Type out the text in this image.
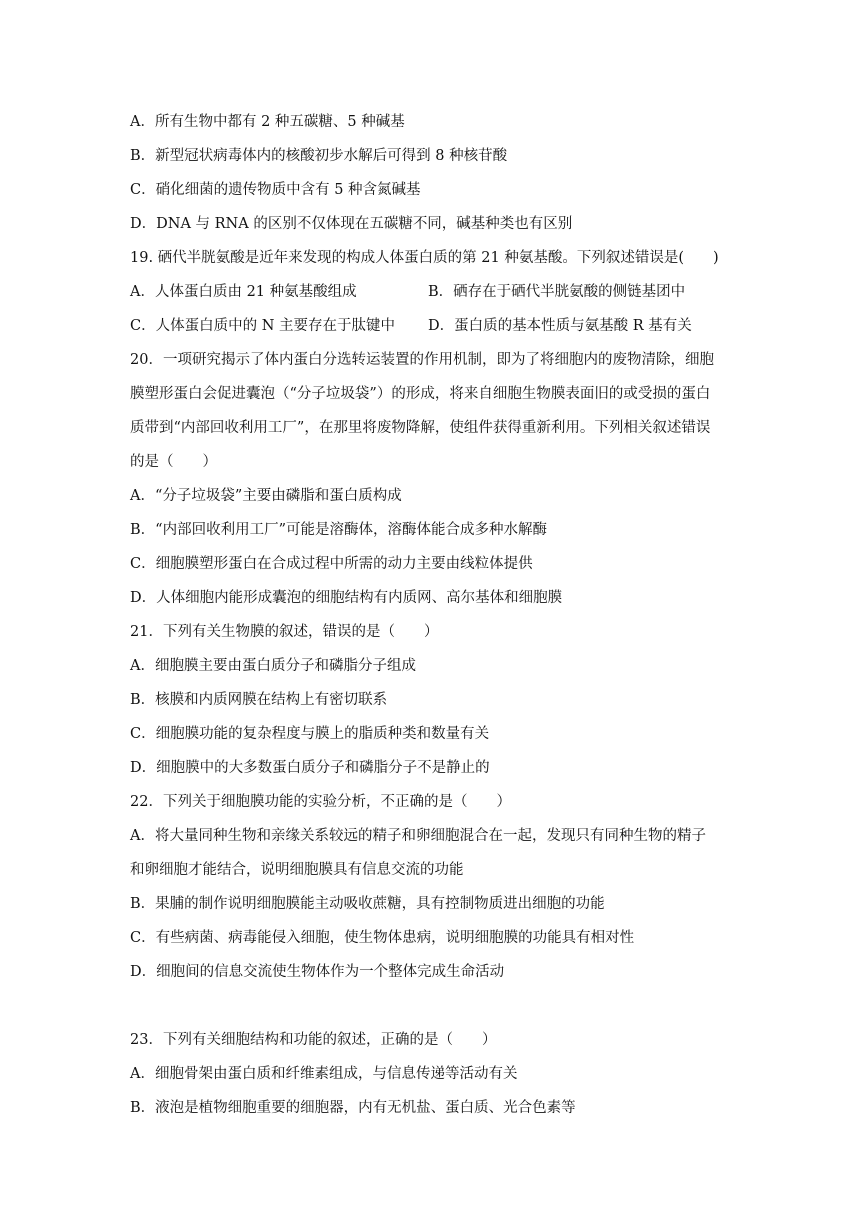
A．所有生物中都有 2 种五碳糖、5 种碱基
B．新型冠状病毒体内的核酸初步水解后可得到 8 种核苷酸
C．硝化细菌的遗传物质中含有 5 种含氮碱基
D．DNA 与 RNA 的区别不仅体现在五碳糖不同，碱基种类也有区别
19. 硒代半胱氨酸是近年来发现的构成人体蛋白质的第 21 种氨基酸。下列叙述错误是(　　)
A．人体蛋白质由 21 种氨基酸组成	B．硒存在于硒代半胱氨酸的侧链基团中
C．人体蛋白质中的 N 主要存在于肽键中 D．蛋白质的基本性质与氨基酸 R 基有关
20．一项研究揭示了体内蛋白分选转运装置的作用机制，即为了将细胞内的废物清除，细胞
膜塑形蛋白会促进囊泡（“分子垃圾袋”）的形成，将来自细胞生物膜表面旧的或受损的蛋白
质带到“内部回收利用工厂”，在那里将废物降解，使组件获得重新利用。下列相关叙述错误
的是（　　）
A．“分子垃圾袋”主要由磷脂和蛋白质构成
B．“内部回收利用工厂”可能是溶酶体，溶酶体能合成多种水解酶
C．细胞膜塑形蛋白在合成过程中所需的动力主要由线粒体提供
D．人体细胞内能形成囊泡的细胞结构有内质网、高尔基体和细胞膜
21．下列有关生物膜的叙述，错误的是（　　）
A．细胞膜主要由蛋白质分子和磷脂分子组成
B．核膜和内质网膜在结构上有密切联系
C．细胞膜功能的复杂程度与膜上的脂质种类和数量有关
D．细胞膜中的大多数蛋白质分子和磷脂分子不是静止的
22．下列关于细胞膜功能的实验分析，不正确的是（　　）
A．将大量同种生物和亲缘关系较远的精子和卵细胞混合在一起，发现只有同种生物的精子
和卵细胞才能结合，说明细胞膜具有信息交流的功能
B．果脯的制作说明细胞膜能主动吸收蔗糖，具有控制物质进出细胞的功能
C．有些病菌、病毒能侵入细胞，使生物体患病，说明细胞膜的功能具有相对性
D．细胞间的信息交流使生物体作为一个整体完成生命活动
23．下列有关细胞结构和功能的叙述，正确的是（　　）
A．细胞骨架由蛋白质和纤维素组成，与信息传递等活动有关
B．液泡是植物细胞重要的细胞器，内有无机盐、蛋白质、光合色素等
